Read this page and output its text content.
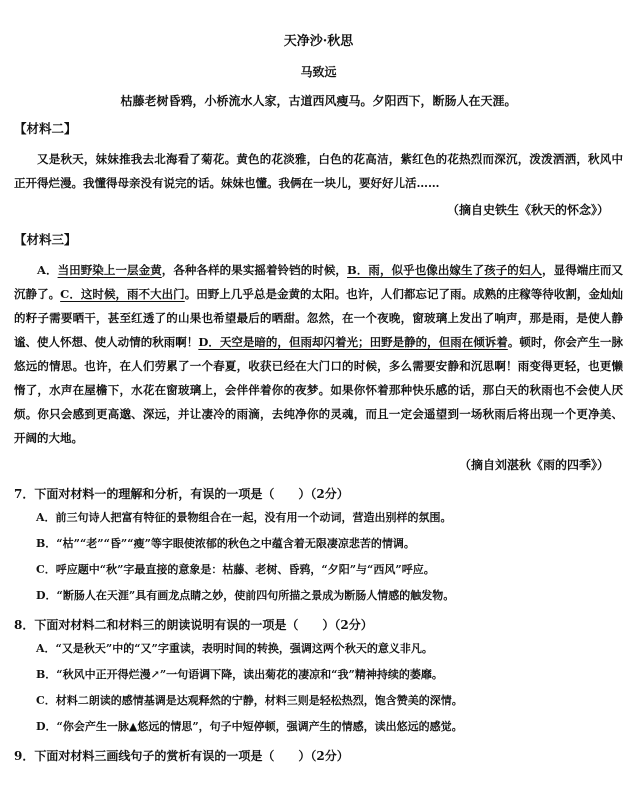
天净沙·秋思
马致远
枯藤老树昏鸦，小桥流水人家，古道西风瘦马。夕阳西下，断肠人在天涯。
【材料二】

又是秋天，妹妹推我去北海看了菊花。黄色的花淡雅，白色的花高洁，紫红色的花热烈而深沉，泼泼洒洒，秋风中正开得烂漫。我懂得母亲没有说完的话。妹妹也懂。我俩在一块儿，要好好儿活……

（摘自史铁生《秋天的怀念》）
【材料三】

A．当田野染上一层金黄，各种各样的果实摇着铃铛的时候，B．雨，似乎也像出嫁生了孩子的妇人，显得端庄而又沉静了。C．这时候，雨不大出门。田野上几乎总是金黄的太阳。也许，人们都忘记了雨。成熟的庄稼等待收割，金灿灿的籽子需要晒干，甚至红透了的山果也希望最后的晒甜。忽然，在一个夜晚，窗玻璃上发出了响声，那是雨，是使人静谧、使人怀想、使人动情的秋雨啊！D．天空是暗的，但雨却闪着光；田野是静的，但雨在倾诉着。顿时，你会产生一脉悠远的情思。也许，在人们劳累了一个春夏，收获已经在大门口的时候，多么需要安静和沉思啊！雨变得更轻，也更懒惰了，水声在屋檐下，水花在窗玻璃上，会伴伴着你的夜梦。如果你怀着那种快乐感的话，那白天的秋雨也不会使人厌烦。你只会感到更高邈、深远，并让凄冷的雨滴，去纯净你的灵魂，而且一定会遥望到一场秋雨后将出现一个更净美、开阔的大地。

（摘自刘湛秋《雨的四季》）
7．下面对材料一的理解和分析，有误的一项是（　　）（2分）
A．前三句诗人把富有特征的景物组合在一起，没有用一个动词，营造出别样的氛围。
B．“枯”“老”“昏”“瘦”等字眼使浓郁的秋色之中蕴含着无限凄凉悲苦的情调。
C．呼应题中“秋”字最直接的意象是：枯藤、老树、昏鸦，“夕阳”与“西风”呼应。
D．“断肠人在天涯”具有画龙点睛之妙，使前四句所描之景成为断肠人情感的触发物。
8．下面对材料二和材料三的朗读说明有误的一项是（　　）（2分）
A．“又是秋天”中的“又”字重读，表明时间的转换，强调这两个秋天的意义非凡。
B．“秋风中正开得烂漫↗”一句语调下降，读出菊花的凄凉和“我”精神持续的萎靡。
C．材料二朗读的感情基调是达观释然的宁静，材料三则是轻松热烈，饱含赞美的深情。
D．“你会产生一脉▲悠远的情思”，句子中短停顿，强调产生的情感，读出悠远的感觉。
9．下面对材料三画线句子的赏析有误的一项是（　　）（2分）
